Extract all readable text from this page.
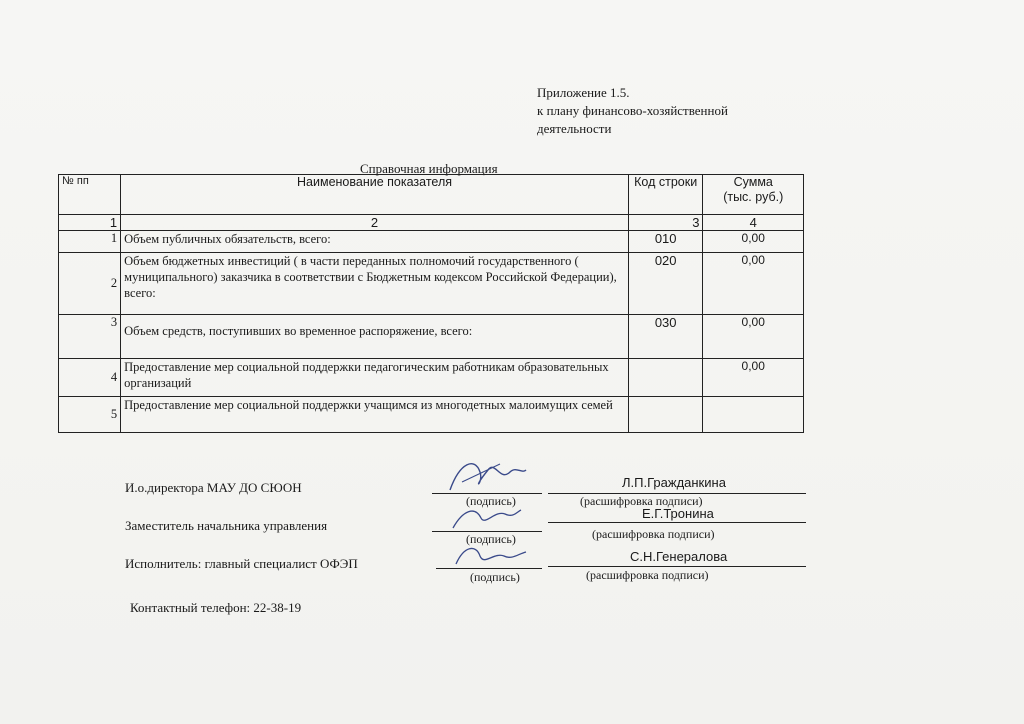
Приложение 1.5.
к плану финансово-хозяйственной
деятельности
Справочная информация
№ пп	Наименование показателя	Код строки	Сумма
(тыс. руб.)

1	2	3	4
1	Объем публичных обязательств, всего:	010	0,00
2	Объем бюджетных инвестиций ( в части переданных полномочий государственного ( муниципального) заказчика в соответствии с Бюджетным кодексом Российской Федерации), всего:	020	0,00
3	Объем средств, поступивших во временное распоряжение, всего:	030	0,00
4	Предоставление мер социальной поддержки педагогическим работникам образовательных организаций		0,00
5	Предоставление мер социальной поддержки учащимся из многодетных малоимущих семей		
И.о.директора МАУ ДО СЮОН	Л.П.Гражданкина
(подпись)	(расшифровка подписи)
Заместитель начальника управления
Е.Г.Тронина
(подпись)	(расшифровка подписи)
Исполнитель: главный специалист ОФЭП	С.Н.Генералова
(подпись)	(расшифровка подписи)
Контактный телефон: 22-38-19
